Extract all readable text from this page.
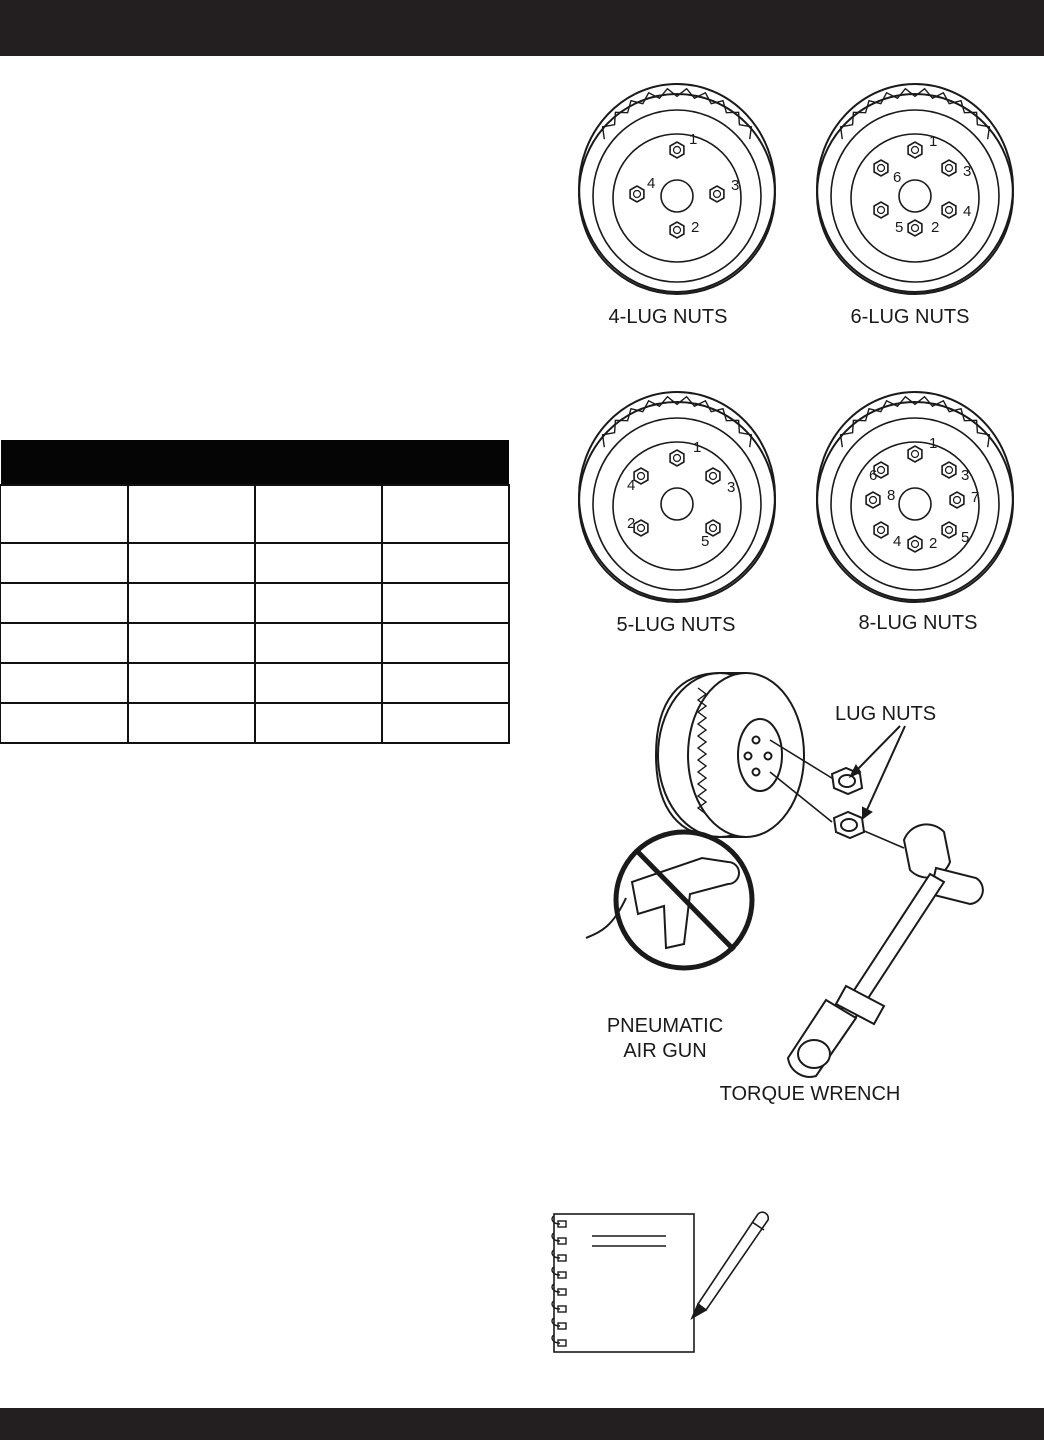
1
2
3
4
4-LUG NUTS
1
2
3
4
5
6
6-LUG NUTS
1
2
3
4
5
5-LUG NUTS
1
2
3
4	5
6
7
8
8-LUG NUTS
LUG NUTS
PNEUMATIC
AIR GUN
TORQUE WRENCH
